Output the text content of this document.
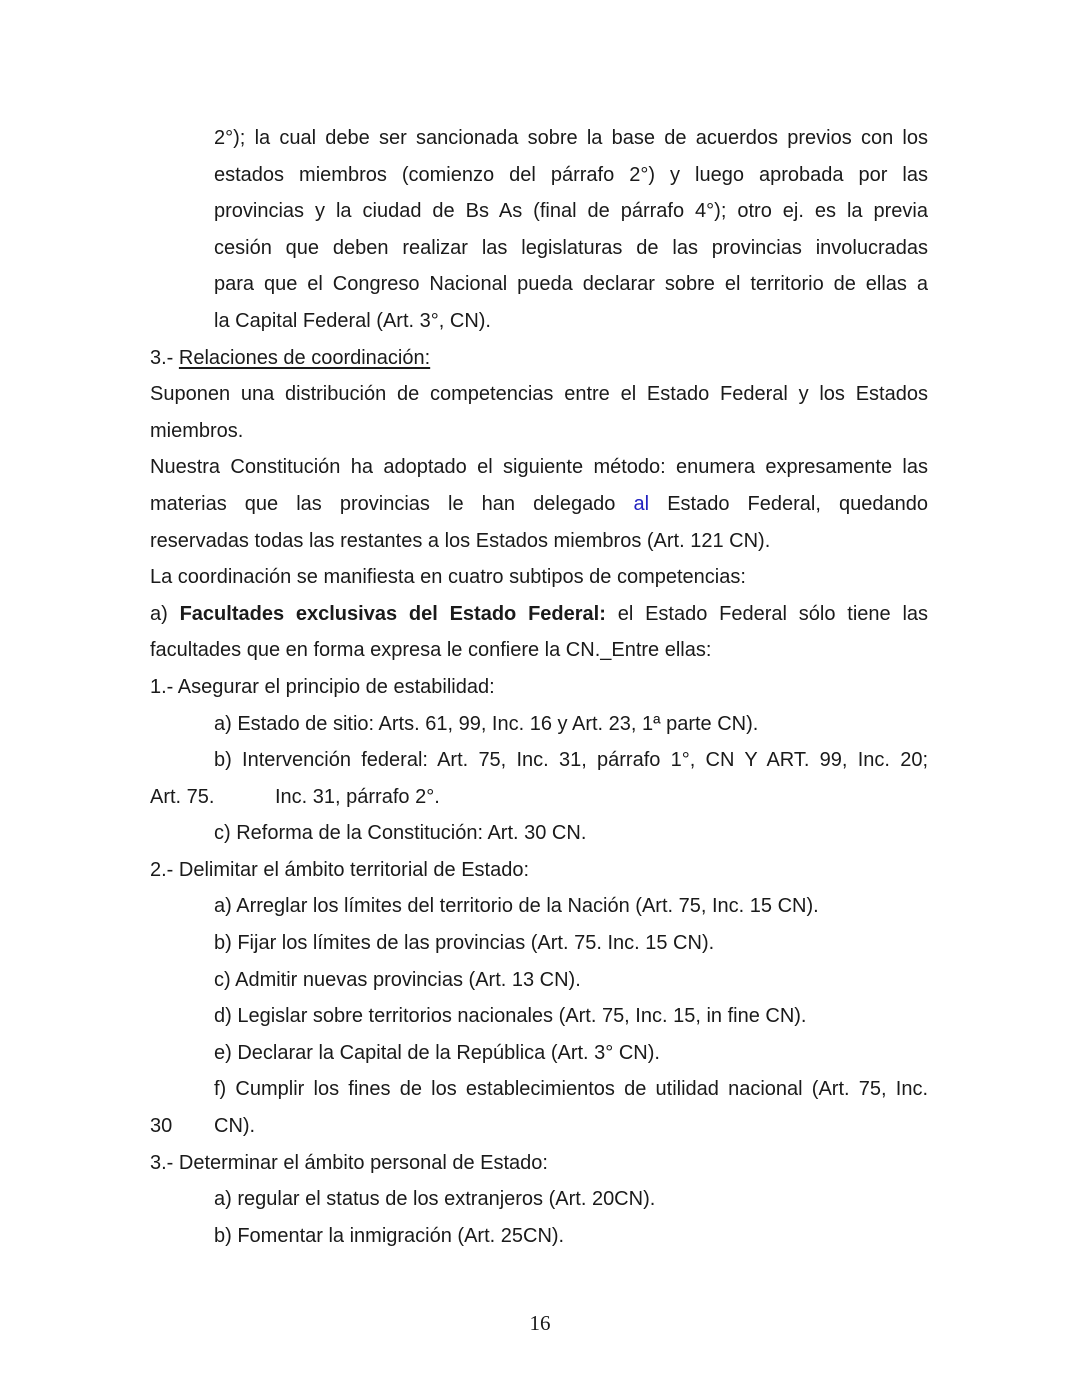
2°); la cual debe ser sancionada sobre la base de acuerdos previos con los
estados miembros (comienzo del párrafo 2°) y luego aprobada por las
provincias y la ciudad de Bs As (final de párrafo 4°); otro ej. es la previa
cesión que deben realizar las legislaturas de las provincias involucradas
para que el Congreso Nacional pueda declarar sobre el territorio de ellas a
la Capital Federal (Art. 3°, CN).
3.- Relaciones de coordinación:
Suponen una distribución de competencias entre el Estado Federal y los Estados
miembros.
Nuestra Constitución ha adoptado el siguiente método: enumera expresamente las
materias que las provincias le han delegado al Estado Federal, quedando
reservadas todas las restantes a los Estados miembros (Art. 121 CN).
La coordinación se manifiesta en cuatro subtipos de competencias:
a) Facultades exclusivas del Estado Federal: el Estado Federal sólo tiene las
facultades que en forma expresa le confiere la CN._Entre ellas:
1.- Asegurar el principio de estabilidad:
a) Estado de sitio: Arts. 61, 99, Inc. 16 y Art. 23, 1ª parte CN).
b) Intervención federal: Art. 75, Inc. 31, párrafo 1°, CN Y ART. 99, Inc. 20;
Art. 75.	Inc. 31, párrafo 2°.
c) Reforma de la Constitución: Art. 30 CN.
2.- Delimitar el ámbito territorial de Estado:
a) Arreglar los límites del territorio de la Nación (Art. 75, Inc. 15 CN).
b) Fijar los límites de las provincias (Art. 75. Inc. 15 CN).
c) Admitir nuevas provincias (Art. 13 CN).
d) Legislar sobre territorios nacionales (Art. 75, Inc. 15, in fine CN).
e) Declarar la Capital de la República (Art. 3° CN).
f) Cumplir los fines de los establecimientos de utilidad nacional (Art. 75, Inc.
30 CN).
3.- Determinar el ámbito personal de Estado:
a) regular el status de los extranjeros (Art. 20CN).
b) Fomentar la inmigración (Art. 25CN).
16
